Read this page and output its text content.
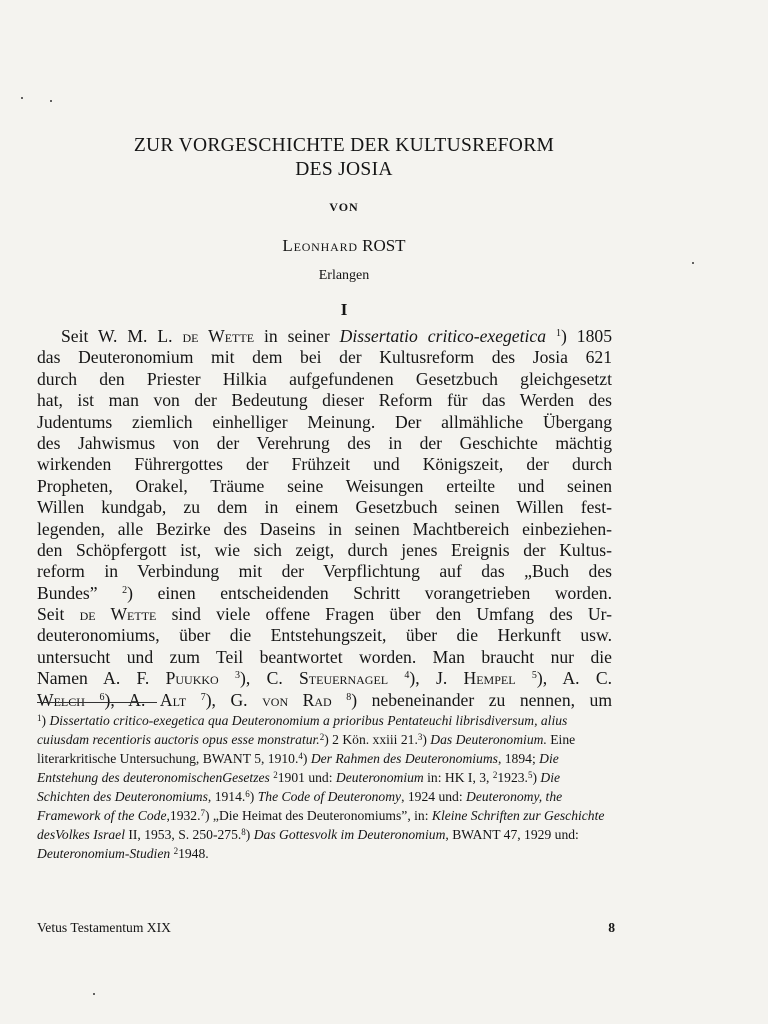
ZUR VORGESCHICHTE DER KULTUSREFORM
DES JOSIA
VON
Leonhard ROST
Erlangen
I
Seit W. M. L. de Wette in seiner Dissertatio critico-exegetica $^1$) 1805
das Deuteronomium mit dem bei der Kultusreform des Josia 621
durch den Priester Hilkia aufgefundenen Gesetzbuch gleichgesetzt
hat, ist man von der Bedeutung dieser Reform für das Werden des
Judentums ziemlich einhelliger Meinung. Der allmähliche Übergang
des Jahwismus von der Verehrung des in der Geschichte mächtig
wirkenden Führergottes der Frühzeit und Königszeit, der durch
Propheten, Orakel, Träume seine Weisungen erteilte und seinen
Willen kundgab, zu dem in einem Gesetzbuch seinen Willen fest-
legenden, alle Bezirke des Daseins in seinen Machtbereich einbeziehen-
den Schöpfergott ist, wie sich zeigt, durch jenes Ereignis der Kultus-
reform in Verbindung mit der Verpflichtung auf das „Buch des
Bundes” $^2$) einen entscheidenden Schritt vorangetrieben worden.
Seit de Wette sind viele offene Fragen über den Umfang des Ur-
deuteronomiums, über die Entstehungszeit, über die Herkunft usw.
untersucht und zum Teil beantwortet worden. Man braucht nur die
Namen A. F. Puukko $^3$), C. Steuernagel $^4$), J. Hempel $^5$), A. C.
Welch $^6$), A. Alt $^7$), G. von Rad $^8$) nebeneinander zu nennen, um
$^1$) Dissertatio critico-exegetica qua Deuteronomium a prioribus Pentateuchi librisdiversum, alius cuiusdam recentioris auctoris opus esse monstratur.$^2$) 2 Kön. xxiii 21.$^3$) Das Deuteronomium. Eine literarkritische Untersuchung, BWANT 5, 1910.$^4$) Der Rahmen des Deuteronomiums, 1894; Die Entstehung des deuteronomischenGesetzes $^2$1901 und: Deuteronomium in: HK I, 3, $^2$1923.$^5$) Die Schichten des Deuteronomiums, 1914.$^6$) The Code of Deuteronomy, 1924 und: Deuteronomy, the Framework of the Code,1932.$^7$) „Die Heimat des Deuteronomiums”, in: Kleine Schriften zur Geschichte desVolkes Israel II, 1953, S. 250-275.$^8$) Das Gottesvolk im Deuteronomium, BWANT 47, 1929 und: Deuteronomium-Studien $^2$1948.
Vetus Testamentum XIX	8
